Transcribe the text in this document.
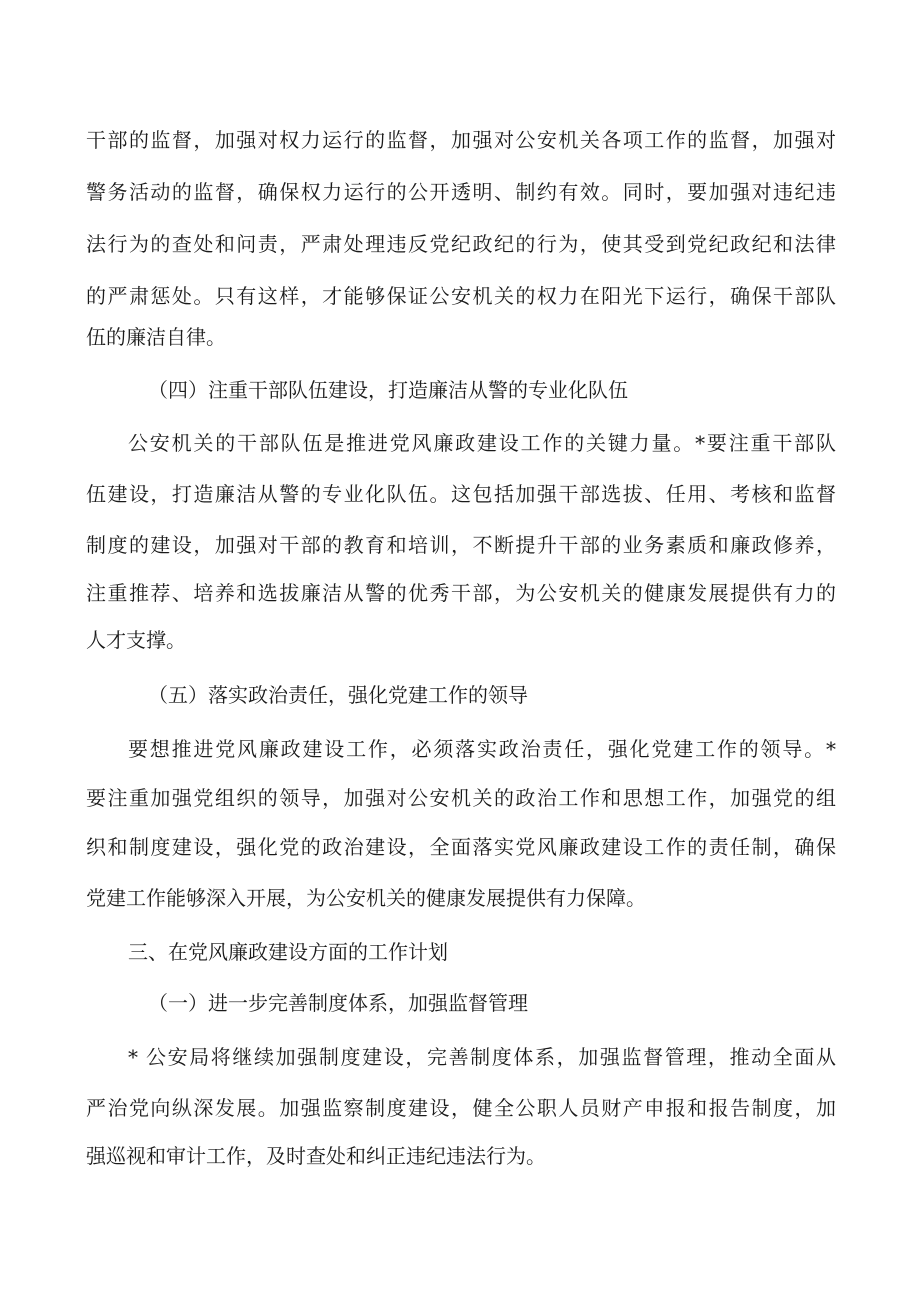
干部的监督，加强对权力运行的监督，加强对公安机关各项工作的监督，加强对
警务活动的监督，确保权力运行的公开透明、制约有效。同时，要加强对违纪违
法行为的查处和问责，严肃处理违反党纪政纪的行为，使其受到党纪政纪和法律
的严肃惩处。只有这样，才能够保证公安机关的权力在阳光下运行，确保干部队
伍的廉洁自律。
（四）注重干部队伍建设，打造廉洁从警的专业化队伍
公安机关的干部队伍是推进党风廉政建设工作的关键力量。*要注重干部队
伍建设，打造廉洁从警的专业化队伍。这包括加强干部选拔、任用、考核和监督
制度的建设，加强对干部的教育和培训，不断提升干部的业务素质和廉政修养，
注重推荐、培养和选拔廉洁从警的优秀干部，为公安机关的健康发展提供有力的
人才支撑。
（五）落实政治责任，强化党建工作的领导
要想推进党风廉政建设工作，必须落实政治责任，强化党建工作的领导。*
要注重加强党组织的领导，加强对公安机关的政治工作和思想工作，加强党的组
织和制度建设，强化党的政治建设，全面落实党风廉政建设工作的责任制，确保
党建工作能够深入开展，为公安机关的健康发展提供有力保障。
三、在党风廉政建设方面的工作计划
（一）进一步完善制度体系，加强监督管理
* 公安局将继续加强制度建设，完善制度体系，加强监督管理，推动全面从
严治党向纵深发展。加强监察制度建设，健全公职人员财产申报和报告制度，加
强巡视和审计工作，及时查处和纠正违纪违法行为。
